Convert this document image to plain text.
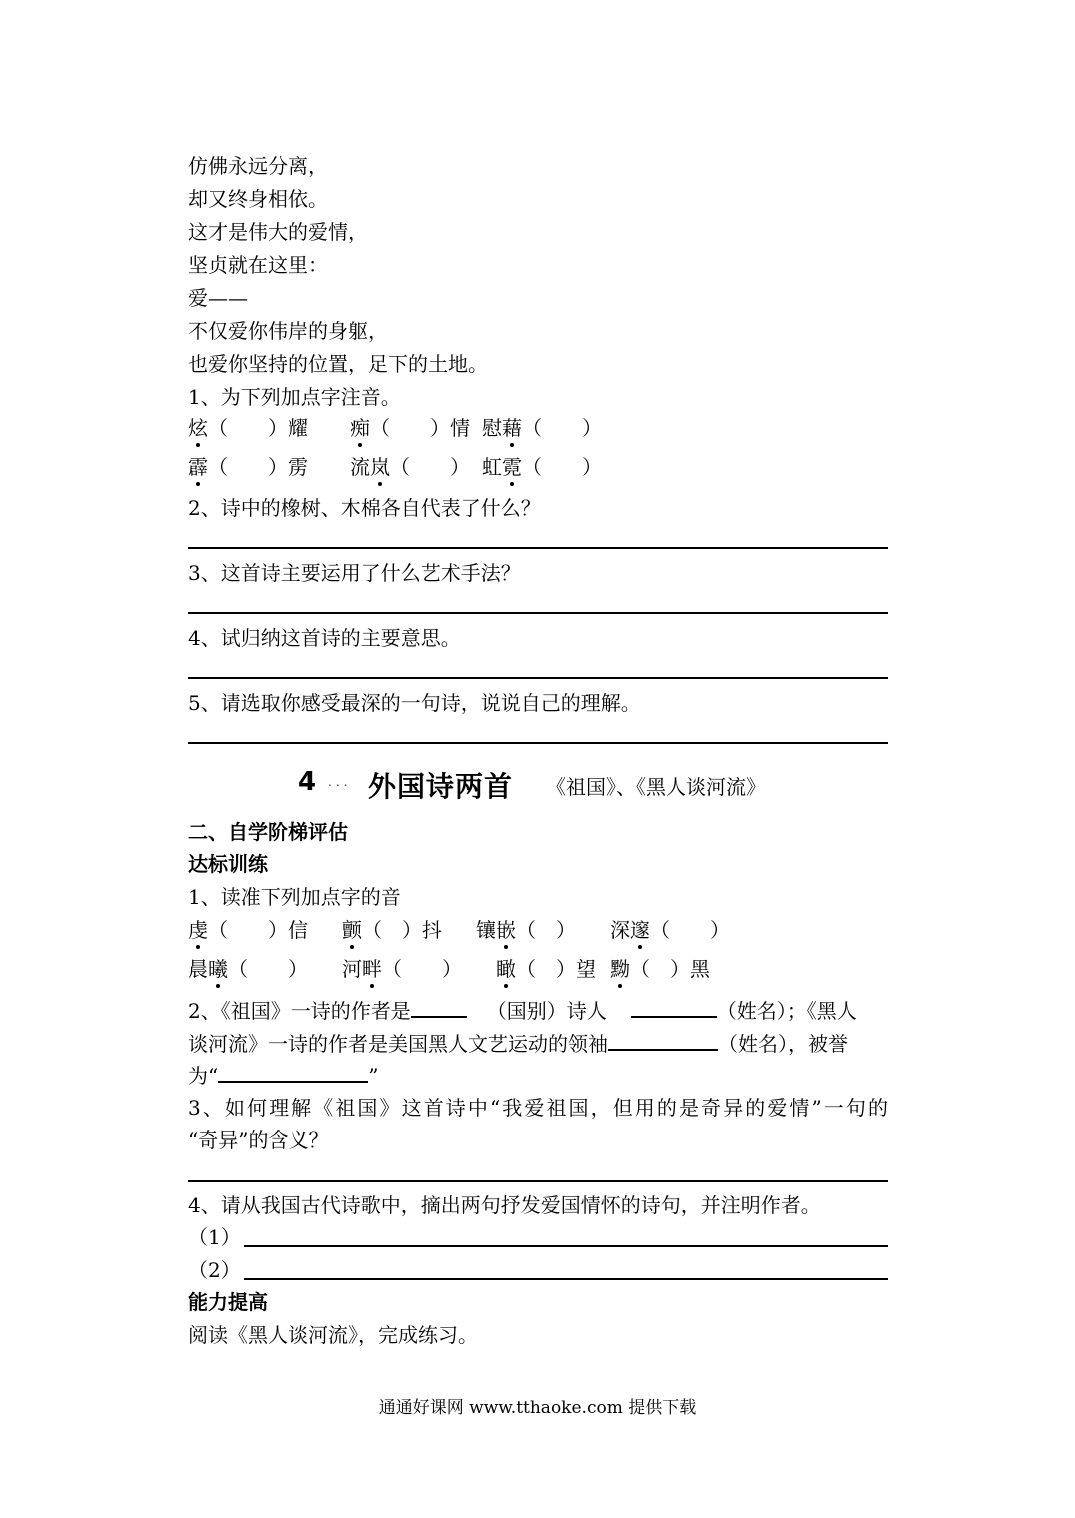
仿佛永远分离，
却又终身相依。
这才是伟大的爱情，
坚贞就在这里：
爱——
不仅爱你伟岸的身躯，
也爱你坚持的位置，足下的土地。
1、为下列加点字注音。
炫（　　）耀 痴（　　）情 慰藉（　　）
霹（　　）雳 流岚（　　） 虹霓（　　）
2、诗中的橡树、木棉各自代表了什么？
3、这首诗主要运用了什么艺术手法？
4、试归纳这首诗的主要意思。
5、请选取你感受最深的一句诗，说说自己的理解。
4 ... 外国诗两首 《祖国》、《黑人谈河流》
二、自学阶梯评估
达标训练
1、读准下列加点字的音
虔（　　）信 颤（　）抖 镶嵌（　） 深邃（　　）
晨曦（　　） 河畔（　　） 瞰（　）望 黝（　）黑
2、《祖国》一诗的作者是	（国别）诗人	（姓名）；《黑人
谈河流》一诗的作者是美国黑人文艺运动的领袖	（姓名），被誉
为“	”
3、如何理解《祖国》这首诗中“我爱祖国，但用的是奇异的爱情”一句的
“奇异”的含义？
4、请从我国古代诗歌中，摘出两句抒发爱国情怀的诗句，并注明作者。
（1）
（2）
能力提高
阅读《黑人谈河流》，完成练习。
通通好课网 www.tthaoke.com 提供下载
